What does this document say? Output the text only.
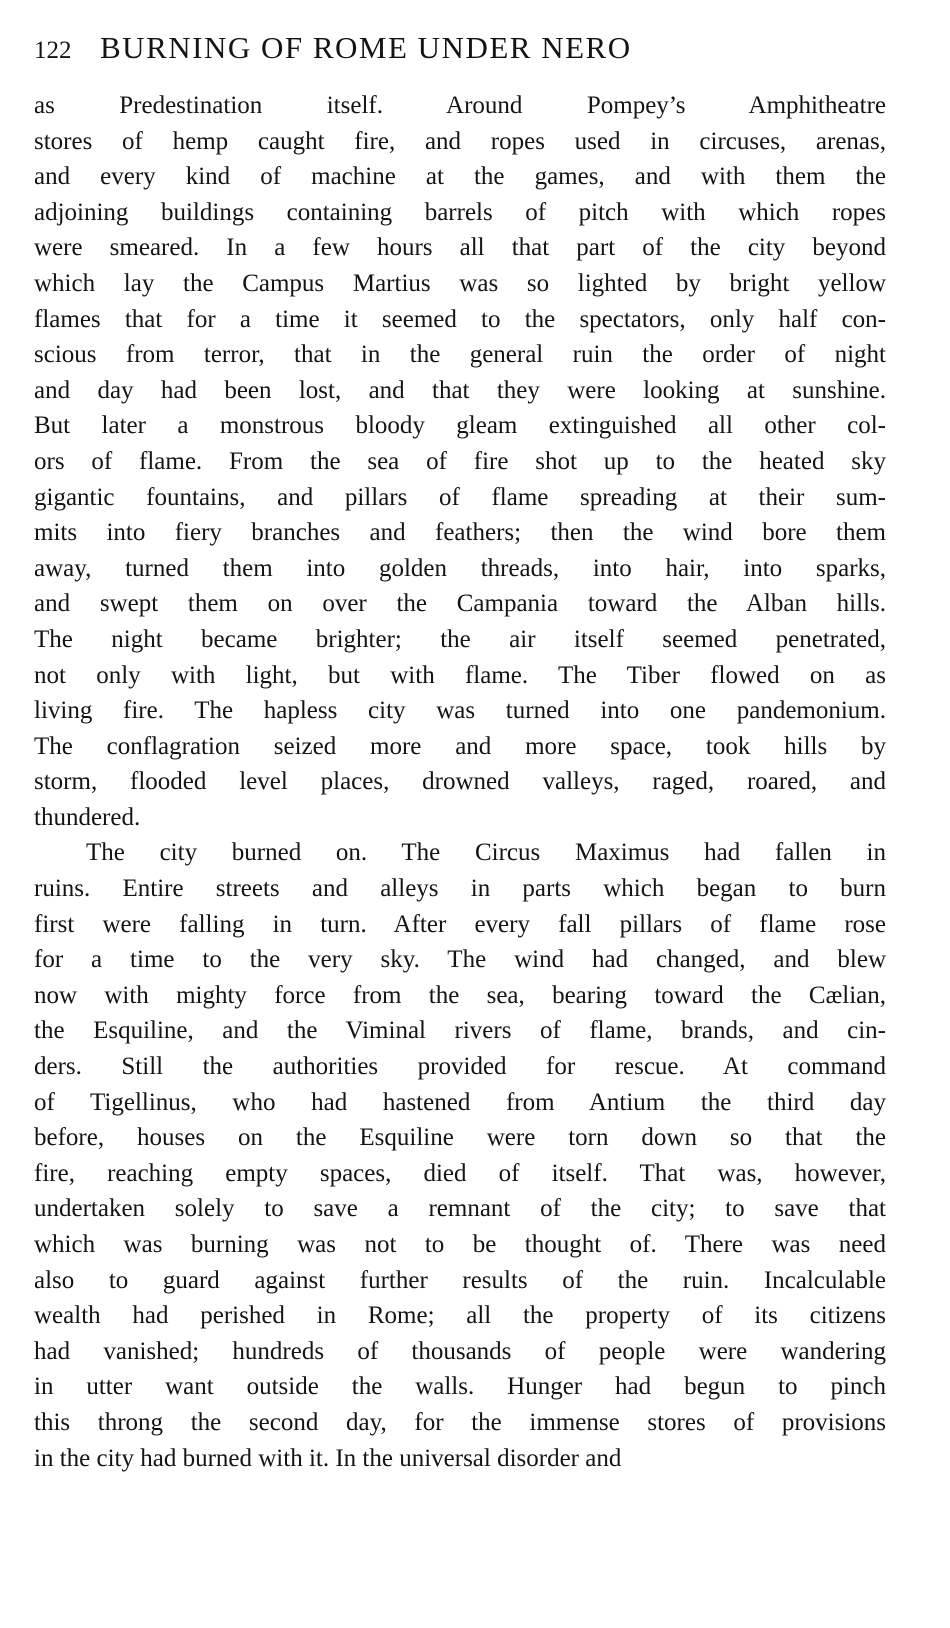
122 BURNING OF ROME UNDER NERO
as Predestination itself. Around Pompey’s Amphitheatre
stores of hemp caught fire, and ropes used in circuses, arenas,
and every kind of machine at the games, and with them the
adjoining buildings containing barrels of pitch with which ropes
were smeared. In a few hours all that part of the city beyond
which lay the Campus Martius was so lighted by bright yellow
flames that for a time it seemed to the spectators, only half con-
scious from terror, that in the general ruin the order of night
and day had been lost, and that they were looking at sunshine.
But later a monstrous bloody gleam extinguished all other col-
ors of flame. From the sea of fire shot up to the heated sky
gigantic fountains, and pillars of flame spreading at their sum-
mits into fiery branches and feathers; then the wind bore them
away, turned them into golden threads, into hair, into sparks,
and swept them on over the Campania toward the Alban hills.
The night became brighter; the air itself seemed penetrated,
not only with light, but with flame. The Tiber flowed on as
living fire. The hapless city was turned into one pandemonium.
The conflagration seized more and more space, took hills by
storm, flooded level places, drowned valleys, raged, roared, and
thundered.
The city burned on. The Circus Maximus had fallen in
ruins. Entire streets and alleys in parts which began to burn
first were falling in turn. After every fall pillars of flame rose
for a time to the very sky. The wind had changed, and blew
now with mighty force from the sea, bearing toward the Cælian,
the Esquiline, and the Viminal rivers of flame, brands, and cin-
ders. Still the authorities provided for rescue. At command
of Tigellinus, who had hastened from Antium the third day
before, houses on the Esquiline were torn down so that the
fire, reaching empty spaces, died of itself. That was, however,
undertaken solely to save a remnant of the city; to save that
which was burning was not to be thought of. There was need
also to guard against further results of the ruin. Incalculable
wealth had perished in Rome; all the property of its citizens
had vanished; hundreds of thousands of people were wandering
in utter want outside the walls. Hunger had begun to pinch
this throng the second day, for the immense stores of provisions
in the city had burned with it. In the universal disorder and
